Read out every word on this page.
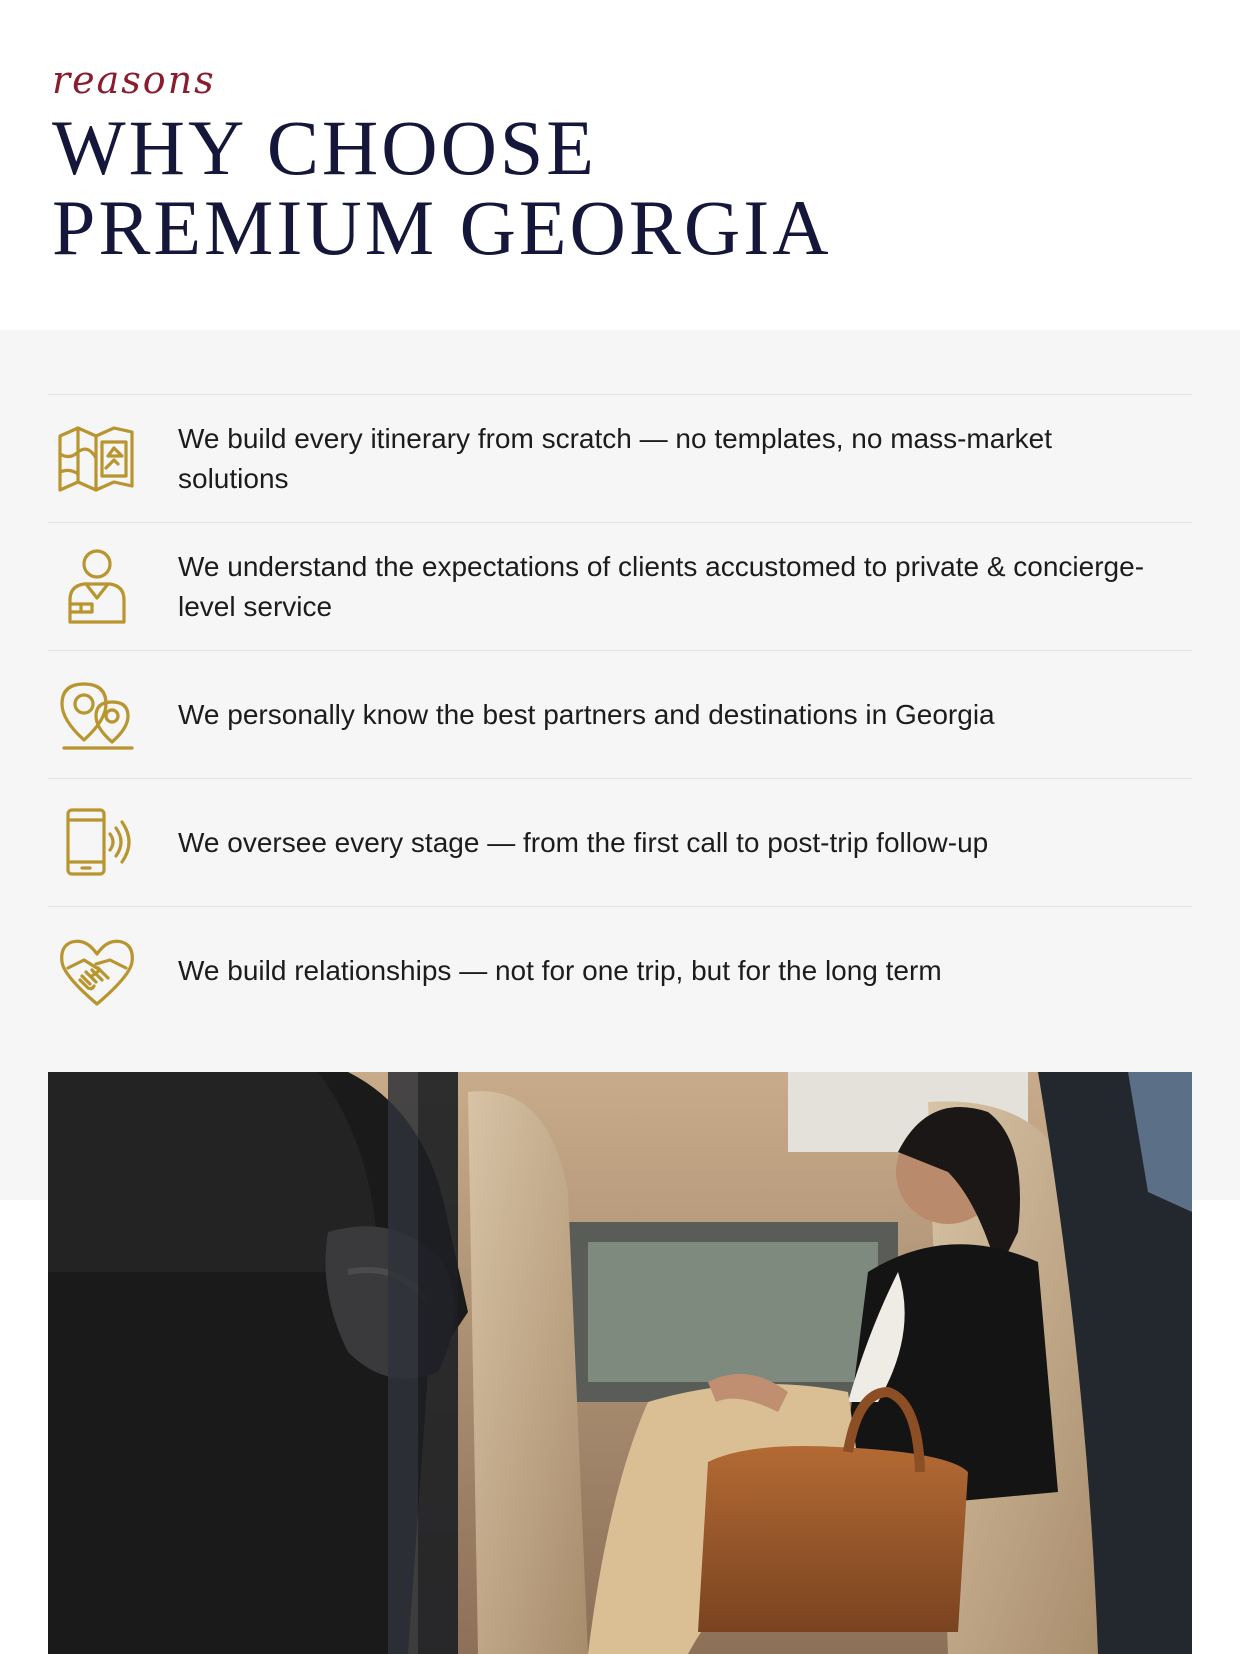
reasons
WHY CHOOSE
PREMIUM GEORGIA
We build every itinerary from scratch — no templates, no mass-market solutions
We understand the expectations of clients accustomed to private & concierge-level service
We personally know the best partners and destinations in Georgia
We oversee every stage — from the first call to post-trip follow-up
We build relationships — not for one trip, but for the long term
